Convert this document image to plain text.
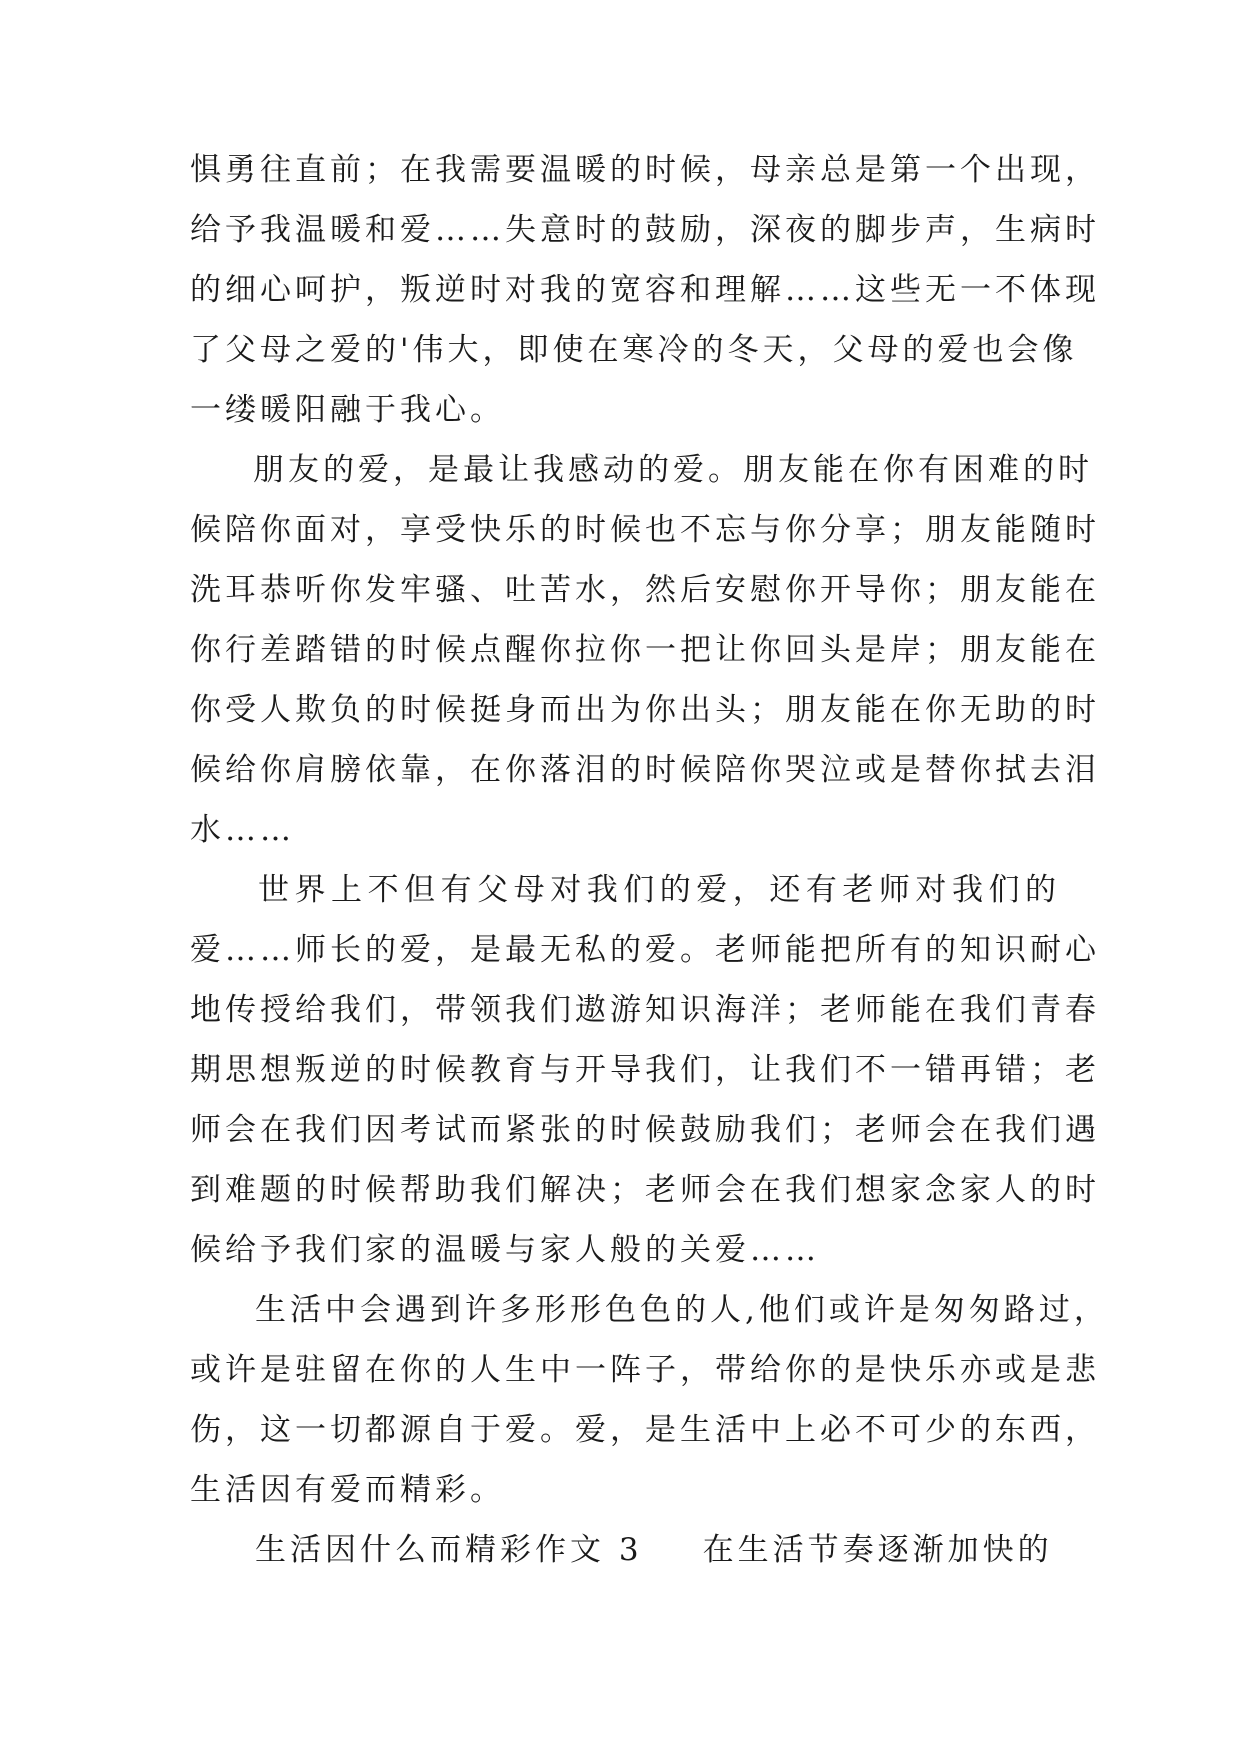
惧勇往直前；在我需要温暖的时候，母亲总是第一个出现，
给予我温暖和爱……失意时的鼓励，深夜的脚步声，生病时
的细心呵护，叛逆时对我的宽容和理解……这些无一不体现
了父母之爱的'伟大，即使在寒冷的冬天，父母的爱也会像
一缕暖阳融于我心。
朋友的爱，是最让我感动的爱。朋友能在你有困难的时
候陪你面对，享受快乐的时候也不忘与你分享；朋友能随时
洗耳恭听你发牢骚、吐苦水，然后安慰你开导你；朋友能在
你行差踏错的时候点醒你拉你一把让你回头是岸；朋友能在
你受人欺负的时候挺身而出为你出头；朋友能在你无助的时
候给你肩膀依靠，在你落泪的时候陪你哭泣或是替你拭去泪
水……
世界上不但有父母对我们的爱，还有老师对我们的
爱……师长的爱，是最无私的爱。老师能把所有的知识耐心
地传授给我们，带领我们遨游知识海洋；老师能在我们青春
期思想叛逆的时候教育与开导我们，让我们不一错再错；老
师会在我们因考试而紧张的时候鼓励我们；老师会在我们遇
到难题的时候帮助我们解决；老师会在我们想家念家人的时
候给予我们家的温暖与家人般的关爱……
生活中会遇到许多形形色色的人,他们或许是匆匆路过，
或许是驻留在你的人生中一阵子，带给你的是快乐亦或是悲
伤，这一切都源自于爱。爱，是生活中上必不可少的东西，
生活因有爱而精彩。
生活因什么而精彩作文 3 在生活节奏逐渐加快的
